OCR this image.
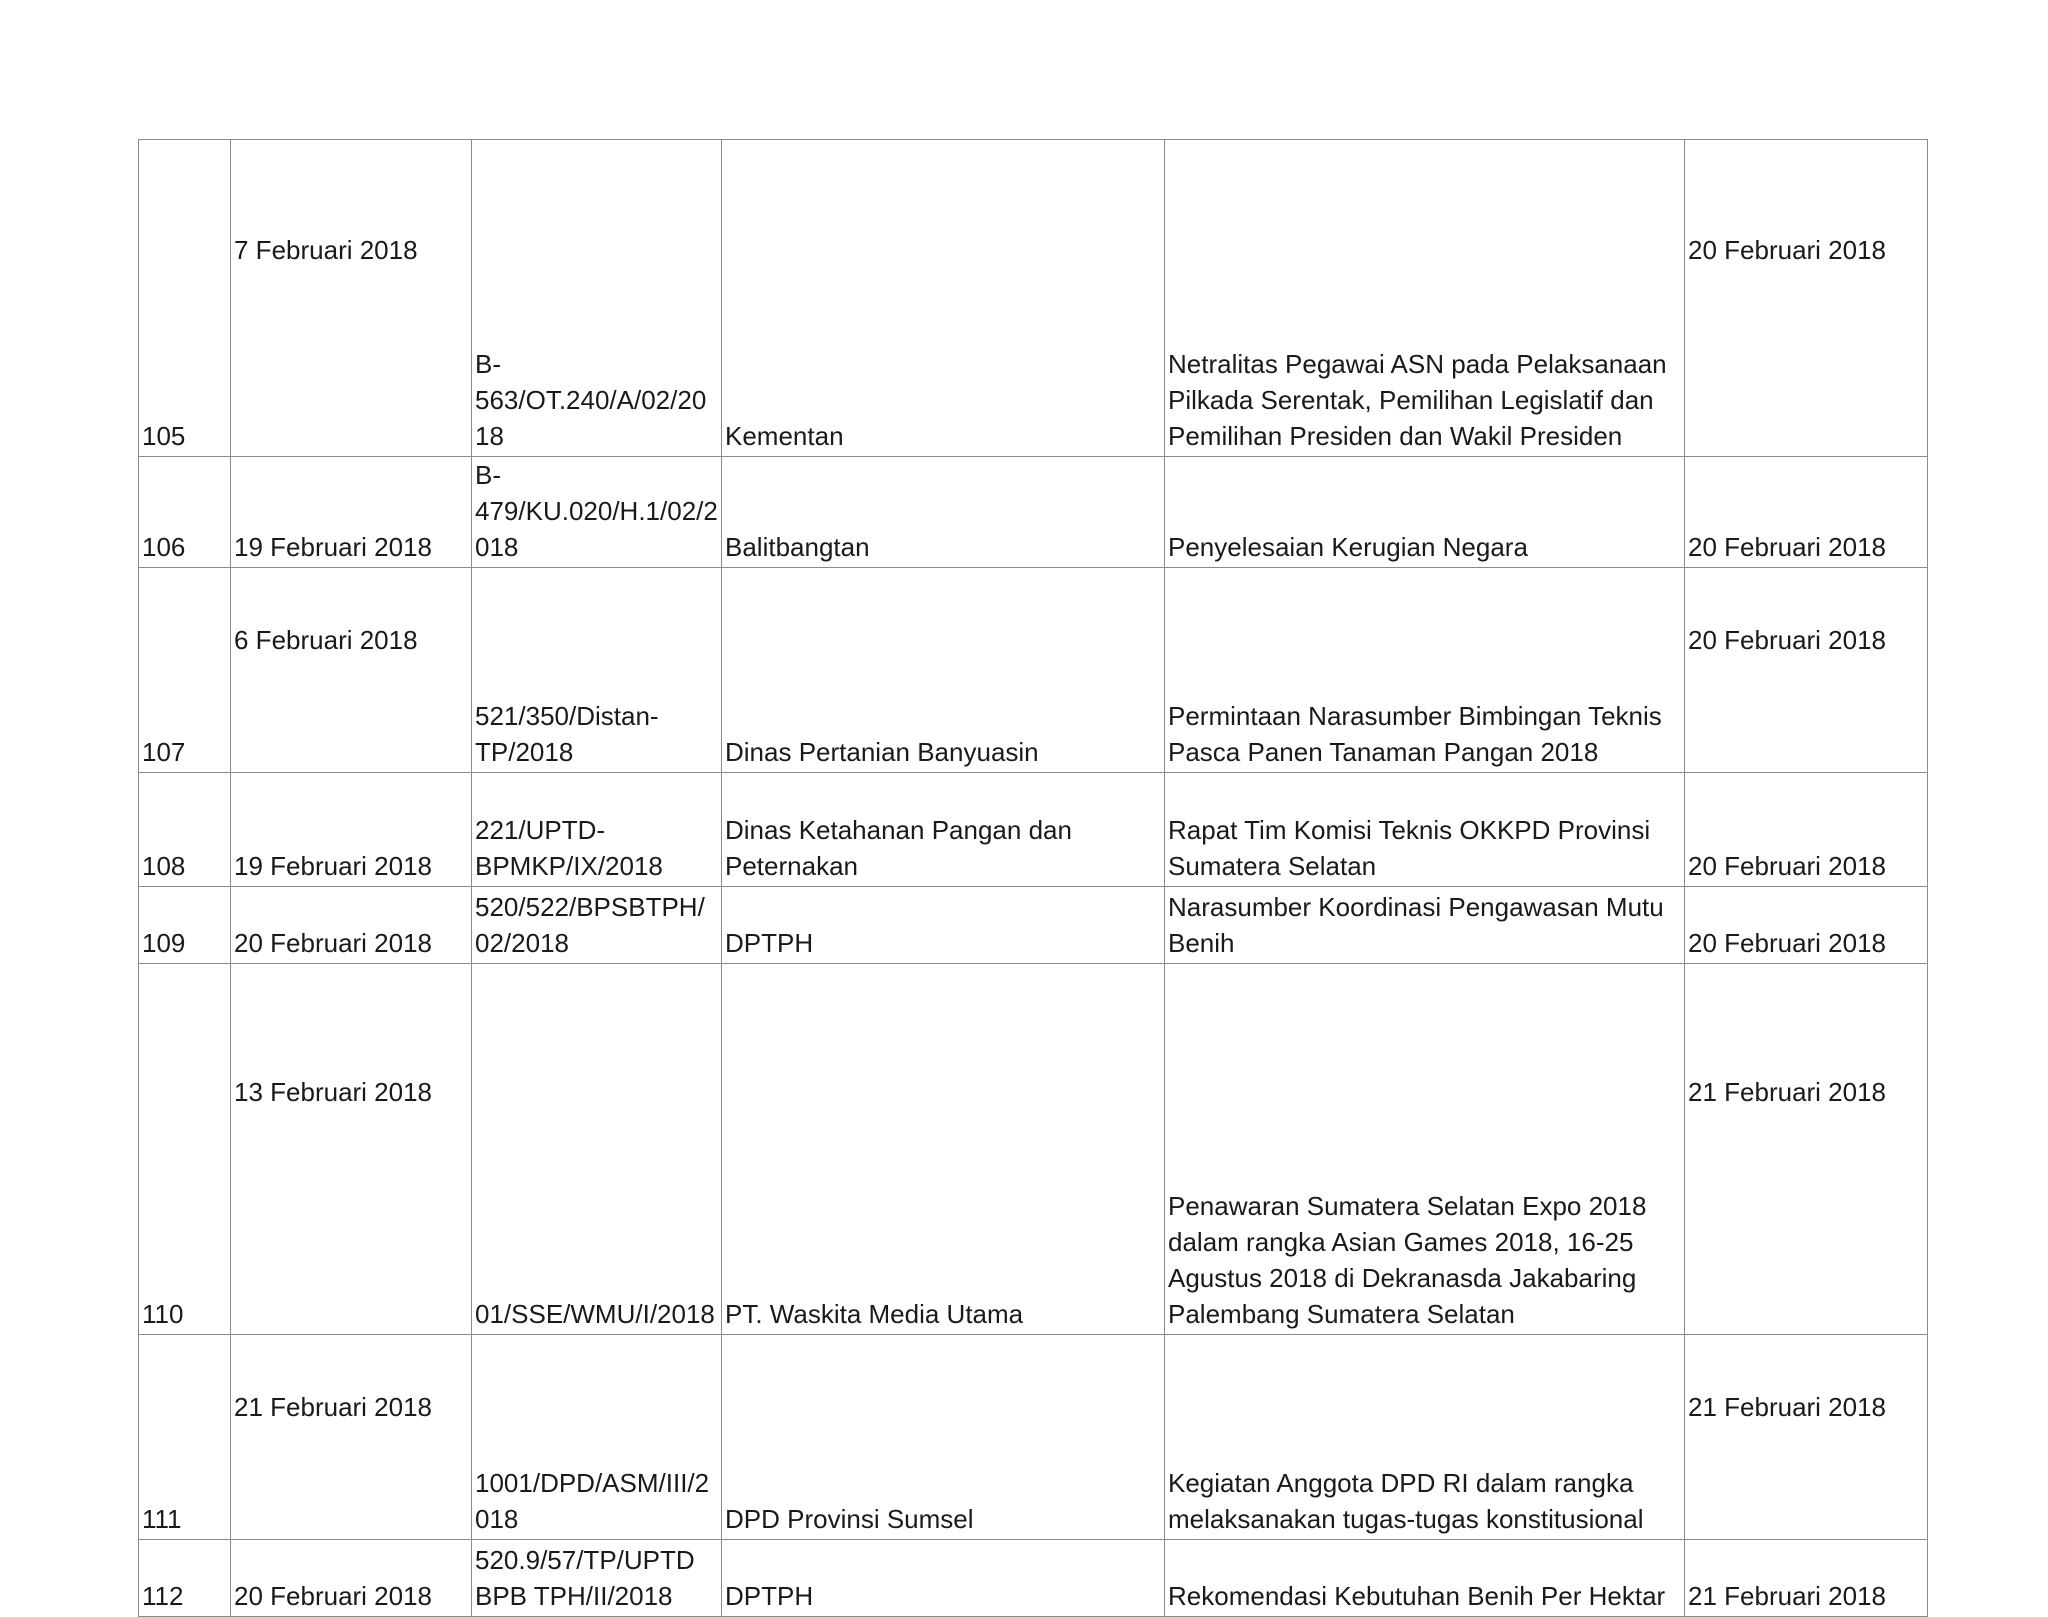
105	7 Februari 2018	B-563/OT.240/A/02/2018	Kementan	Netralitas Pegawai ASN pada Pelaksanaan Pilkada Serentak, Pemilihan Legislatif dan Pemilihan Presiden dan Wakil Presiden	20 Februari 2018
106	19 Februari 2018	B-479/KU.020/H.1/02/2018	Balitbangtan	Penyelesaian Kerugian Negara	20 Februari 2018
107	6 Februari 2018	521/350/Distan-TP/2018	Dinas Pertanian Banyuasin	Permintaan Narasumber Bimbingan Teknis Pasca Panen Tanaman Pangan 2018	20 Februari 2018
108	19 Februari 2018	221/UPTD-BPMKP/IX/2018	Dinas Ketahanan Pangan dan Peternakan	Rapat Tim Komisi Teknis OKKPD Provinsi Sumatera Selatan	20 Februari 2018
109	20 Februari 2018	520/522/BPSBTPH/02/2018	DPTPH	Narasumber Koordinasi Pengawasan Mutu Benih	20 Februari 2018
110	13 Februari 2018	01/SSE/WMU/I/2018	PT. Waskita Media Utama	Penawaran Sumatera Selatan Expo 2018 dalam rangka Asian Games 2018, 16-25 Agustus 2018 di Dekranasda Jakabaring Palembang Sumatera Selatan	21 Februari 2018
111	21 Februari 2018	1001/DPD/ASM/III/2018	DPD Provinsi Sumsel	Kegiatan Anggota DPD RI dalam rangka melaksanakan tugas-tugas konstitusional	21 Februari 2018
112	20 Februari 2018	520.9/57/TP/UPTD BPB TPH/II/2018	DPTPH	Rekomendasi Kebutuhan Benih Per Hektar	21 Februari 2018
